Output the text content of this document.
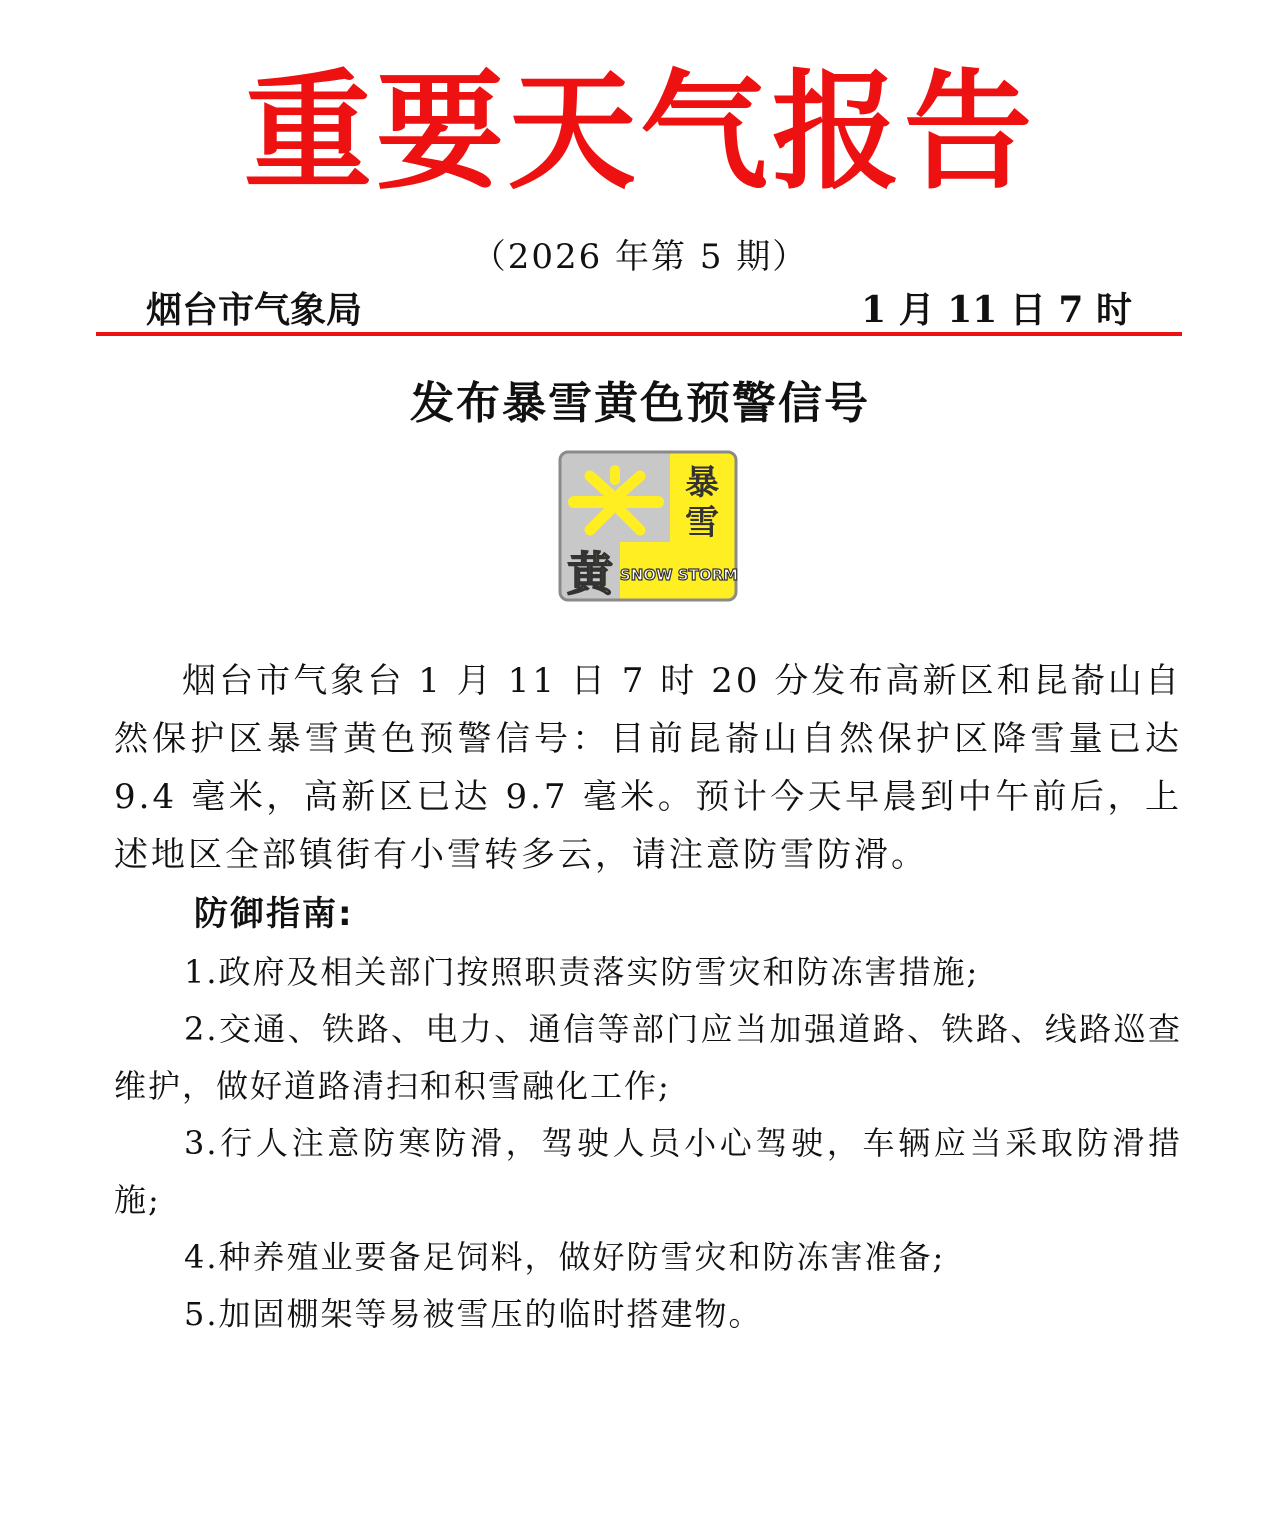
重要天气报告
（2026 年第 5 期）
烟台市气象局	1 月 11 日 7 时
发布暴雪黄色预警信号
暴
雪
黄 SNOW STORM

烟台市气象台 1 月 11 日 7 时 20 分发布高新区和昆嵛山自然保护区暴雪黄色预警信号：目前昆嵛山自然保护区降雪量已达 9.4 毫米，高新区已达 9.7 毫米。预计今天早晨到中午前后，上述地区全部镇街有小雪转多云，请注意防雪防滑。

防御指南:
1.政府及相关部门按照职责落实防雪灾和防冻害措施;
2.交通、铁路、电力、通信等部门应当加强道路、铁路、线路巡查维护，做好道路清扫和积雪融化工作;
3.行人注意防寒防滑，驾驶人员小心驾驶，车辆应当采取防滑措施;
4.种养殖业要备足饲料，做好防雪灾和防冻害准备;
5.加固棚架等易被雪压的临时搭建物。
